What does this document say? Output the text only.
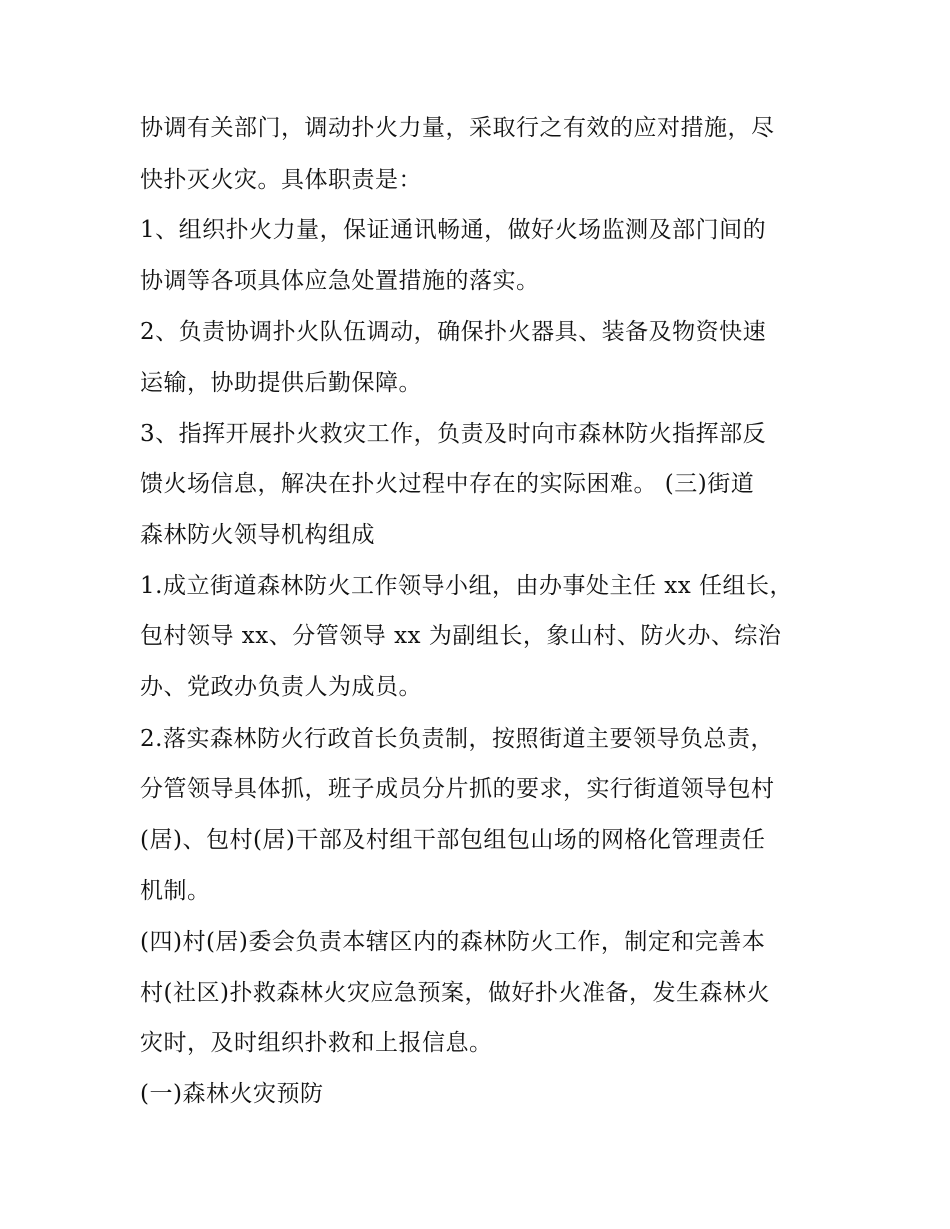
协调有关部门，调动扑火力量，采取行之有效的应对措施，尽
快扑灭火灾。具体职责是：
1、组织扑火力量，保证通讯畅通，做好火场监测及部门间的
协调等各项具体应急处置措施的落实。
2、负责协调扑火队伍调动，确保扑火器具、装备及物资快速
运输，协助提供后勤保障。
3、指挥开展扑火救灾工作，负责及时向市森林防火指挥部反
馈火场信息，解决在扑火过程中存在的实际困难。 (三)街道
森林防火领导机构组成
1.成立街道森林防火工作领导小组，由办事处主任 xx 任组长，
包村领导 xx、分管领导 xx 为副组长，象山村、防火办、综治
办、党政办负责人为成员。
2.落实森林防火行政首长负责制，按照街道主要领导负总责，
分管领导具体抓，班子成员分片抓的要求，实行街道领导包村
(居)、包村(居)干部及村组干部包组包山场的网格化管理责任
机制。
(四)村(居)委会负责本辖区内的森林防火工作，制定和完善本
村(社区)扑救森林火灾应急预案，做好扑火准备，发生森林火
灾时，及时组织扑救和上报信息。
(一)森林火灾预防
